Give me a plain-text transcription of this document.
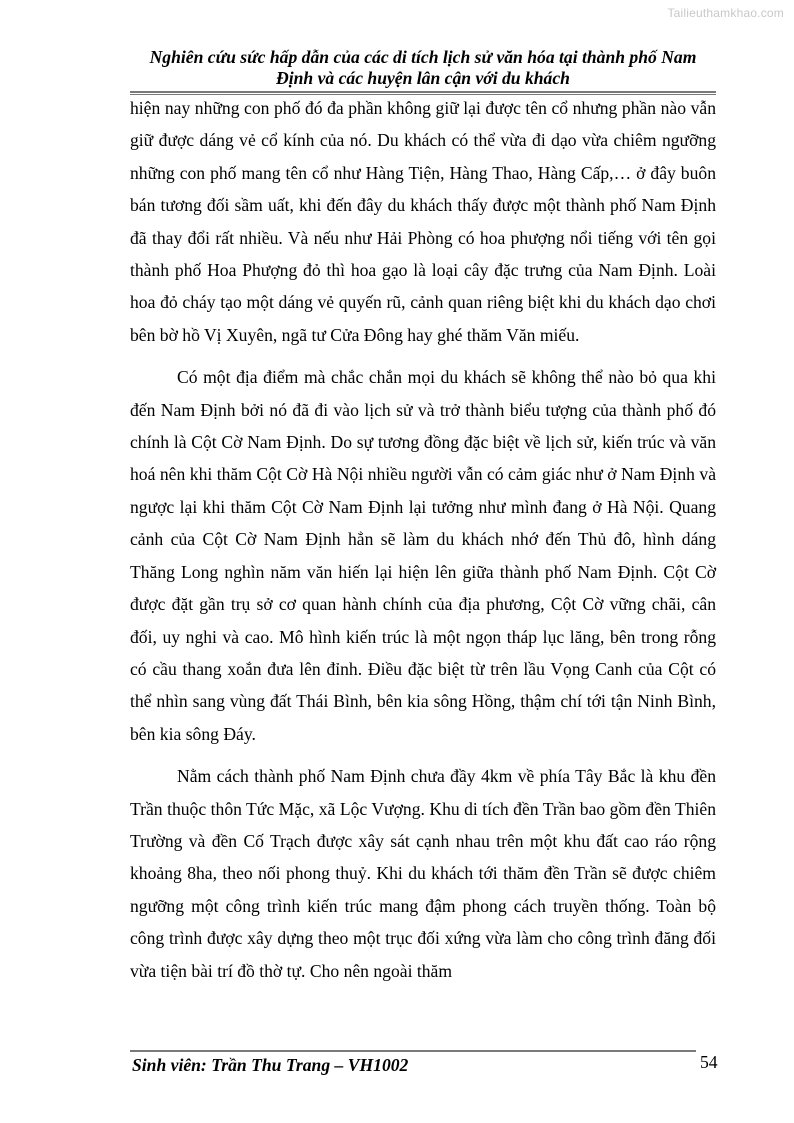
Tailieuthamkhao.com
Nghiên cứu sức hấp dẫn của các di tích lịch sử văn hóa tại thành phố Nam
Định và các huyện lân cận với du khách

hiện nay những con phố đó đa phần không giữ lại được tên cổ nhưng phần nào vẫn giữ được dáng vẻ cổ kính của nó. Du khách có thể vừa đi dạo vừa chiêm ngưỡng những con phố mang tên cổ như Hàng Tiện, Hàng Thao, Hàng Cấp,… ở đây buôn bán tương đối sầm uất, khi đến đây du khách thấy được một thành phố Nam Định đã thay đổi rất nhiều. Và nếu như Hải Phòng có hoa phượng nổi tiếng với tên gọi thành phố Hoa Phượng đỏ thì hoa gạo là loại cây đặc trưng của Nam Định. Loài hoa đỏ cháy tạo một dáng vẻ quyến rũ, cảnh quan riêng biệt khi du khách dạo chơi bên bờ hồ Vị Xuyên, ngã tư Cửa Đông hay ghé thăm Văn miếu.

Có một địa điểm mà chắc chắn mọi du khách sẽ không thể nào bỏ qua khi đến Nam Định bởi nó đã đi vào lịch sử và trở thành biểu tượng của thành phố đó chính là Cột Cờ Nam Định. Do sự tương đồng đặc biệt về lịch sử, kiến trúc và văn hoá nên khi thăm Cột Cờ Hà Nội nhiều người vẫn có cảm giác như ở Nam Định và ngược lại khi thăm Cột Cờ Nam Định lại tưởng như mình đang ở Hà Nội. Quang cảnh của Cột Cờ Nam Định hẳn sẽ làm du khách nhớ đến Thủ đô, hình dáng Thăng Long nghìn năm văn hiến lại hiện lên giữa thành phố Nam Định. Cột Cờ được đặt gần trụ sở cơ quan hành chính của địa phương, Cột Cờ vững chãi, cân đối, uy nghi và cao. Mô hình kiến trúc là một ngọn tháp lục lăng, bên trong rỗng có cầu thang xoắn đưa lên đỉnh. Điều đặc biệt từ trên lầu Vọng Canh của Cột có thể nhìn sang vùng đất Thái Bình, bên kia sông Hồng, thậm chí tới tận Ninh Bình, bên kia sông Đáy.

Nằm cách thành phố Nam Định chưa đầy 4km về phía Tây Bắc là khu đền Trần thuộc thôn Tức Mặc, xã Lộc Vượng. Khu di tích đền Trần bao gồm đền Thiên Trường và đền Cố Trạch được xây sát cạnh nhau trên một khu đất cao ráo rộng khoảng 8ha, theo nối phong thuỷ. Khi du khách tới thăm đền Trần sẽ được chiêm ngưỡng một công trình kiến trúc mang đậm phong cách truyền thống. Toàn bộ công trình được xây dựng theo một trục đối xứng vừa làm cho công trình đăng đối vừa tiện bài trí đồ thờ tự. Cho nên ngoài thăm

Sinh viên: Trần Thu Trang – VH1002	54
